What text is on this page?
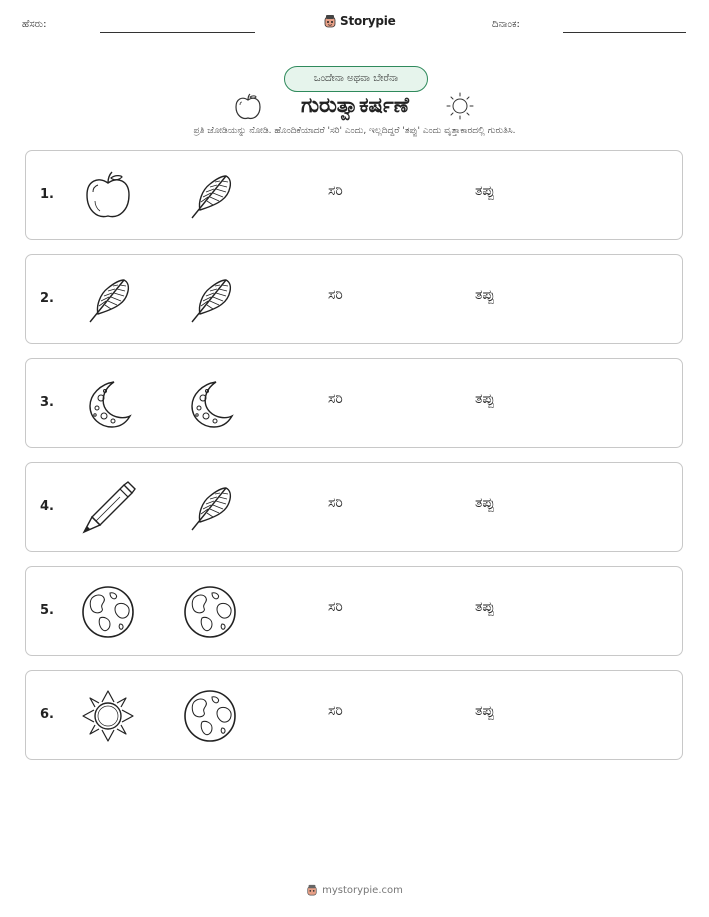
ಹೆಸರು:	Storypie	ದಿನಾಂಕ:
ಒಂದೇನಾ ಅಥವಾ ಬೇರೆನಾ
ಗುರುತ್ವಾಕರ್ಷಣೆ
ಪ್ರತಿ ಜೋಡಿಯನ್ನು ನೋಡಿ. ಹೊಂದಿಕೆಯಾದರೆ 'ಸರಿ' ಎಂದು, ಇಲ್ಲದಿದ್ದರೆ 'ತಪ್ಪು' ಎಂದು ವೃತ್ತಾಕಾರದಲ್ಲಿ ಗುರುತಿಸಿ.
1.	ಸರಿ	ತಪ್ಪು
2.	ಸರಿ	ತಪ್ಪು
3.	ಸರಿ	ತಪ್ಪು
4.	ಸರಿ	ತಪ್ಪು
5.	ಸರಿ	ತಪ್ಪು
6.	ಸರಿ	ತಪ್ಪು
mystorypie.com
